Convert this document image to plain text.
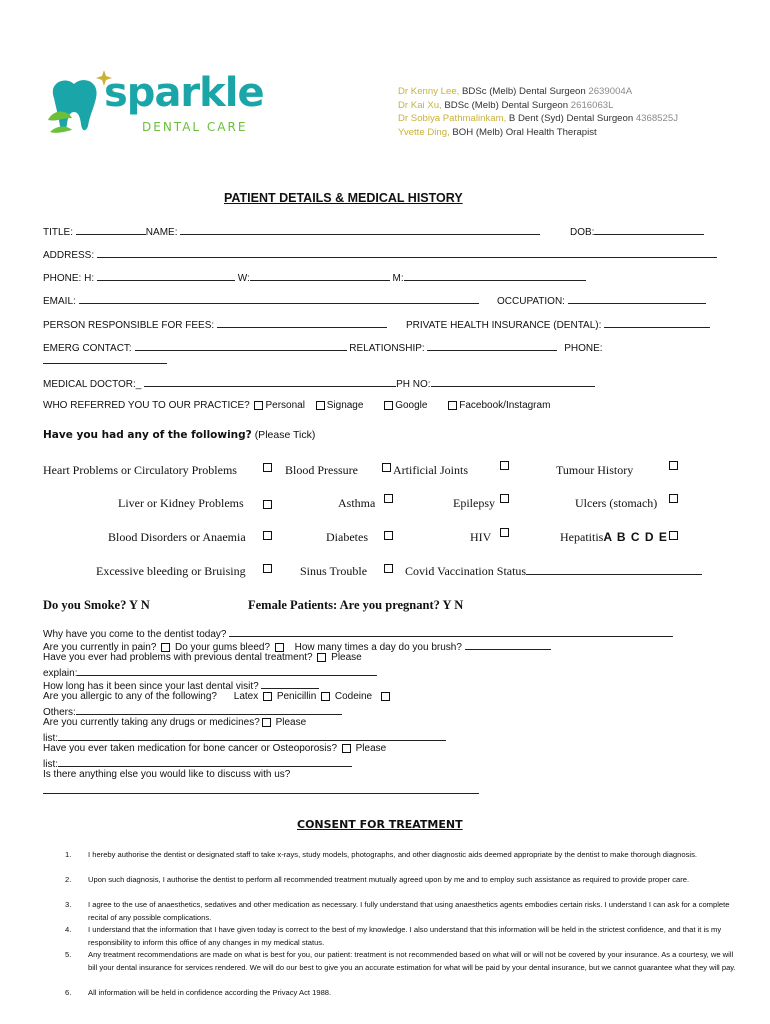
sparkle
DENTAL CARE
Dr Kenny Lee, BDSc (Melb) Dental Surgeon 2639004A
Dr Kai Xu, BDSc (Melb) Dental Surgeon 2616063L
Dr Sobiya Pathmalinkam, B Dent (Syd) Dental Surgeon 4368525J
Yvette Ding, BOH (Melb) Oral Health Therapist
PATIENT DETAILS & MEDICAL HISTORY
TITLE:	NAME:	DOB:
ADDRESS:
PHONE: H:	W:	M:
EMAIL:	OCCUPATION:
PERSON RESPONSIBLE FOR FEES:	PRIVATE HEALTH INSURANCE (DENTAL):
EMERG CONTACT:	RELATIONSHIP:	PHONE:
MEDICAL DOCTOR:_	PH NO:
WHO REFERRED YOU TO OUR PRACTICE? Personal Signage	Google	Facebook/Instagram
Have you had any of the following? (Please Tick)
Heart Problems or Circulatory Problems	Blood Pressure	Artificial Joints	Tumour History
Liver or Kidney Problems	Asthma	Epilepsy	Ulcers (stomach)
Blood Disorders or Anaemia	Diabetes	HIV	HepatitisA B C D E
Excessive bleeding or Bruising	Sinus Trouble	Covid Vaccination Status
Do you Smoke? Y N	Female Patients: Are you pregnant? Y N
Why have you come to the dentist today?
Are you currently in pain? Do your gums bleed? How many times a day do you brush?
Have you ever had problems with previous dental treatment? Please
explain:
How long has it been since your last dental visit?
Are you allergic to any of the following? Latex Penicillin Codeine
Others:
Are you currently taking any drugs or medicines? Please
list:
Have you ever taken medication for bone cancer or Osteoporosis? Please
list:
Is there anything else you would like to discuss with us?
CONSENT FOR TREATMENT
1. I hereby authorise the dentist or designated staff to take x-rays, study models, photographs, and other diagnostic aids deemed appropriate by the dentist to make thorough diagnosis.
2. Upon such diagnosis, I authorise the dentist to perform all recommended treatment mutually agreed upon by me and to employ such assistance as required to provide proper care.
3. I agree to the use of anaesthetics, sedatives and other medication as necessary. I fully understand that using anaesthetics agents embodies certain risks. I understand I can ask for a complete recital of any possible complications.
4. I understand that the information that I have given today is correct to the best of my knowledge. I also understand that this information will be held in the strictest confidence, and that it is my responsibility to inform this office of any changes in my medical status.
5. Any treatment recommendations are made on what is best for you, our patient: treatment is not recommended based on what will or will not be covered by your insurance. As a courtesy, we will bill your dental insurance for services rendered. We will do our best to give you an accurate estimation for what will be paid by your dental insurance, but we cannot guarantee what they will pay.
6. All information will be held in confidence according the Privacy Act 1988.
